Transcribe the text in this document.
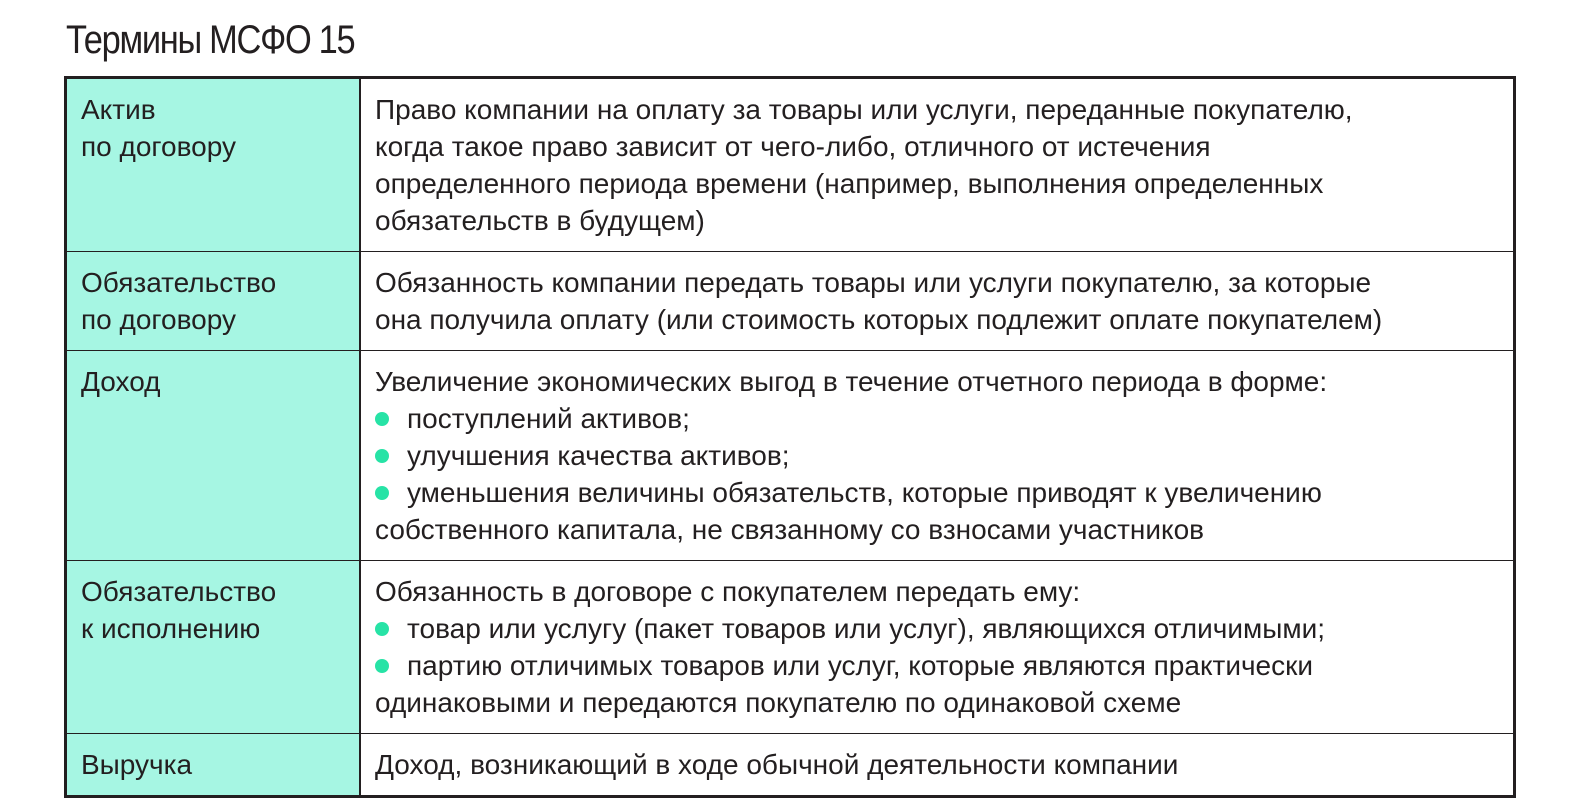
Термины МСФО 15
Актив
по договору	Право компании на оплату за товары или услуги, переданные покупателю,
когда такое право зависит от чего-либо, отличного от истечения
определенного периода времени (например, выполнения определенных
обязательств в будущем)

Обязательство
по договору	Обязанность компании передать товары или услуги покупателю, за которые
она получила оплату (или стоимость которых подлежит оплате покупателем)

Доход	Увеличение экономических выгод в течение отчетного периода в форме:
поступлений активов;
улучшения качества активов;
уменьшения величины обязательств, которые приводят к увеличению
собственного капитала, не связанному со взносами участников

Обязательство
к исполнению	Обязанность в договоре с покупателем передать ему:
товар или услугу (пакет товаров или услуг), являющихся отличимыми;
партию отличимых товаров или услуг, которые являются практически
одинаковыми и передаются покупателю по одинаковой схеме

Выручка	Доход, возникающий в ходе обычной деятельности компании
